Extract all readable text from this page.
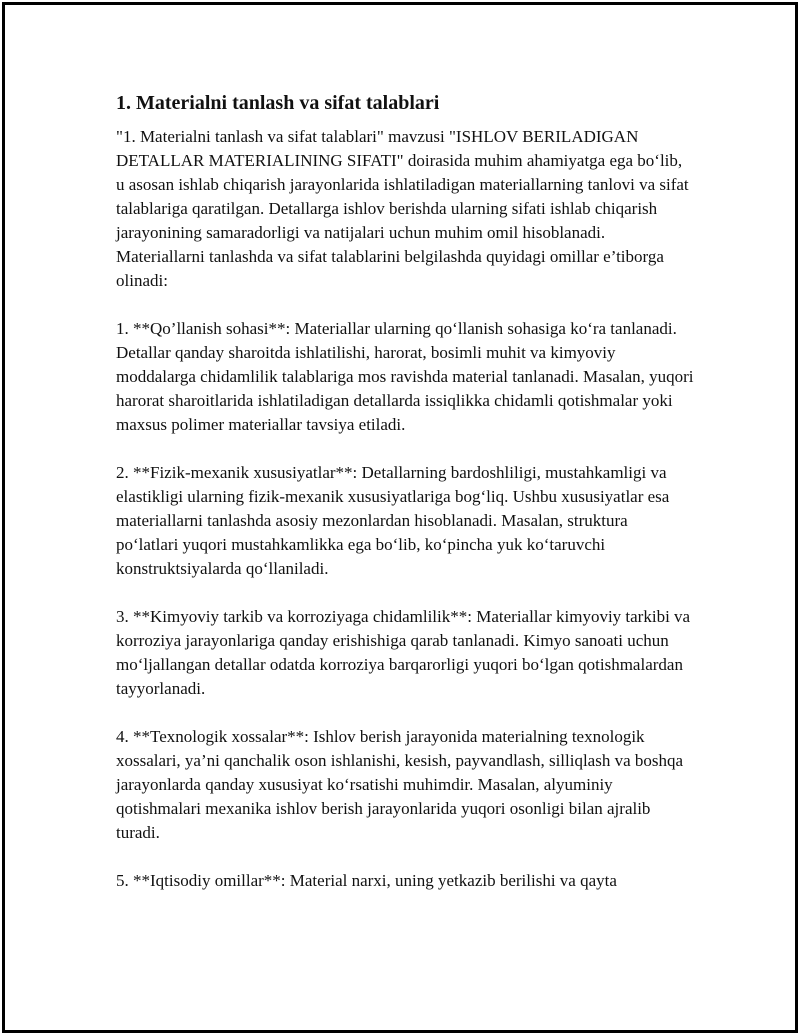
1. Materialni tanlash va sifat talablari

"1. Materialni tanlash va sifat talablari" mavzusi "ISHLOV BERILADIGAN DETALLAR MATERIALINING SIFATI" doirasida muhim ahamiyatga ega bo‘lib, u asosan ishlab chiqarish jarayonlarida ishlatiladigan materiallarning tanlovi va sifat talablariga qaratilgan. Detallarga ishlov berishda ularning sifati ishlab chiqarish jarayonining samaradorligi va natijalari uchun muhim omil hisoblanadi. Materiallarni tanlashda va sifat talablarini belgilashda quyidagi omillar e’tiborga olinadi:

1. **Qo’llanish sohasi**: Materiallar ularning qo‘llanish sohasiga ko‘ra tanlanadi. Detallar qanday sharoitda ishlatilishi, harorat, bosimli muhit va kimyoviy moddalarga chidamlilik talablariga mos ravishda material tanlanadi. Masalan, yuqori harorat sharoitlarida ishlatiladigan detallarda issiqlikka chidamli qotishmalar yoki maxsus polimer materiallar tavsiya etiladi.

2. **Fizik-mexanik xususiyatlar**: Detallarning bardoshliligi, mustahkamligi va elastikligi ularning fizik-mexanik xususiyatlariga bog‘liq. Ushbu xususiyatlar esa materiallarni tanlashda asosiy mezonlardan hisoblanadi. Masalan, struktura po‘latlari yuqori mustahkamlikka ega bo‘lib, ko‘pincha yuk ko‘taruvchi konstruktsiyalarda qo‘llaniladi.

3. **Kimyoviy tarkib va korroziyaga chidamlilik**: Materiallar kimyoviy tarkibi va korroziya jarayonlariga qanday erishishiga qarab tanlanadi. Kimyo sanoati uchun mo‘ljallangan detallar odatda korroziya barqarorligi yuqori bo‘lgan qotishmalardan tayyorlanadi.

4. **Texnologik xossalar**: Ishlov berish jarayonida materialning texnologik xossalari, ya’ni qanchalik oson ishlanishi, kesish, payvandlash, silliqlash va boshqa jarayonlarda qanday xususiyat ko‘rsatishi muhimdir. Masalan, alyuminiy qotishmalari mexanika ishlov berish jarayonlarida yuqori osonligi bilan ajralib turadi.

5. **Iqtisodiy omillar**: Material narxi, uning yetkazib berilishi va qayta
